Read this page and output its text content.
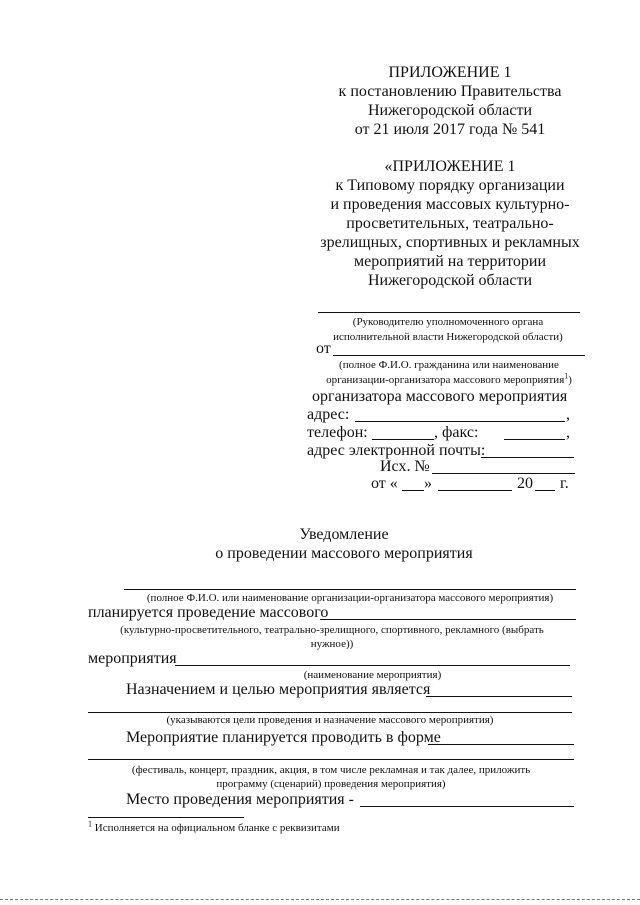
ПРИЛОЖЕНИЕ 1
к постановлению Правительства
Нижегородской области
от 21 июля 2017 года № 541
«ПРИЛОЖЕНИЕ 1
к Типовому порядку организации
и проведения массовых культурно-
просветительных, театрально-
зрелищных, спортивных и рекламных
мероприятий на территории
Нижегородской области
(Руководителю уполномоченного органа
исполнительной власти Нижегородской области)
от
(полное Ф.И.О. гражданина или наименование
организации-организатора массового мероприятия$^1$)
организатора массового мероприятия
адрес:	,
телефон:	, факс:	,
адрес электронной почты:
Исх. №
от « »	20 г.
Уведомление
о проведении массового мероприятия
(полное Ф.И.О. или наименование организации-организатора массового мероприятия)
планируется проведение массового
(культурно-просветительного, театрально-зрелищного, спортивного, рекламного (выбрать
нужное))
мероприятия
(наименование мероприятия)
Назначением и целью мероприятия является
(указываются цели проведения и назначение массового мероприятия)
Мероприятие планируется проводить в форме
(фестиваль, концерт, праздник, акция, в том числе рекламная и так далее, приложить
программу (сценарий) проведения мероприятия)
Место проведения мероприятия -
$^1$ Исполняется на официальном бланке с реквизитами
